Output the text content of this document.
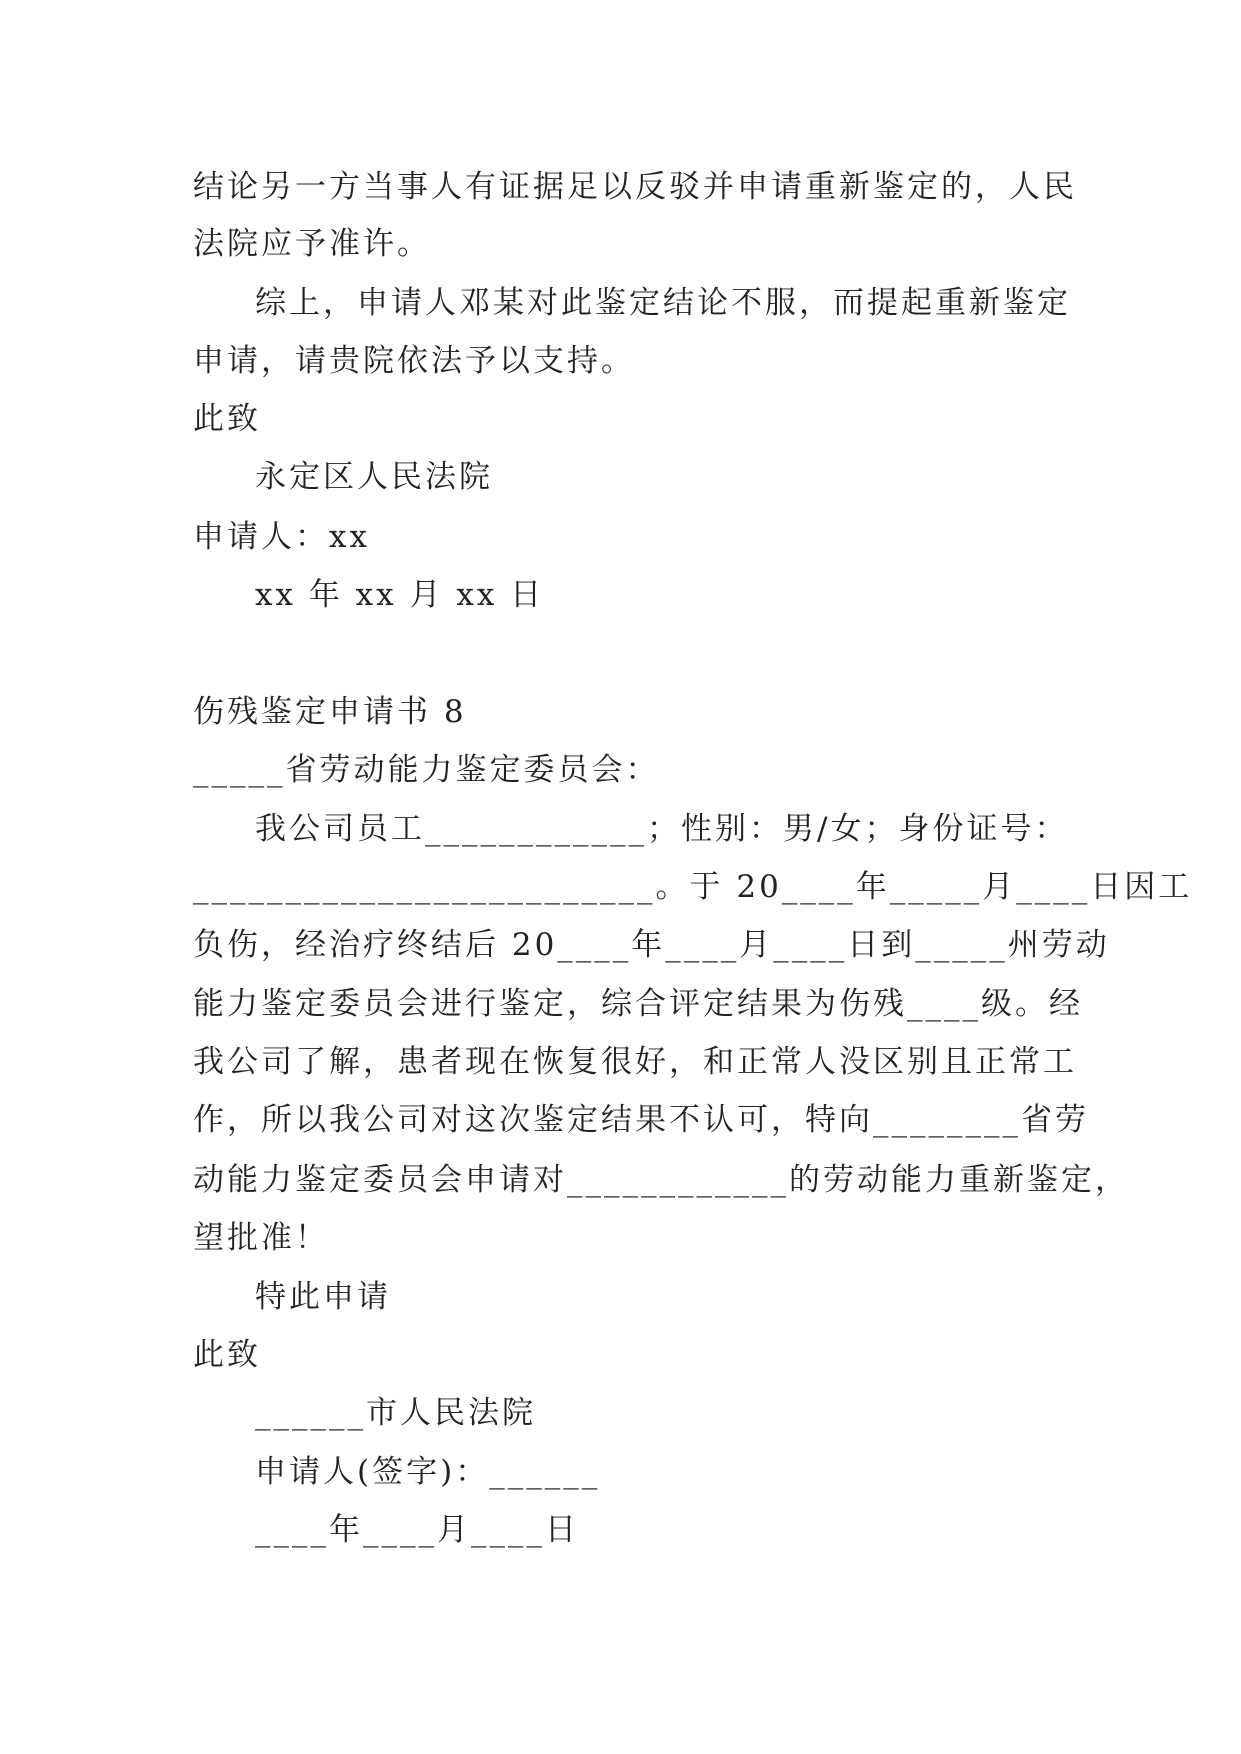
结论另一方当事人有证据足以反驳并申请重新鉴定的，人民
法院应予准许。
综上，申请人邓某对此鉴定结论不服，而提起重新鉴定
申请，请贵院依法予以支持。
此致
永定区人民法院
申请人：xx
xx 年 xx 月 xx 日
伤残鉴定申请书 8
_____省劳动能力鉴定委员会：
我公司员工____________；性别：男/女；身份证号：
_________________________。于 20____年_____月____日因工
负伤，经治疗终结后 20____年____月____日到_____州劳动
能力鉴定委员会进行鉴定，综合评定结果为伤残____级。经
我公司了解，患者现在恢复很好，和正常人没区别且正常工
作，所以我公司对这次鉴定结果不认可，特向________省劳
动能力鉴定委员会申请对____________的劳动能力重新鉴定，
望批准！
特此申请
此致
______市人民法院
申请人(签字)：______
____年____月____日
